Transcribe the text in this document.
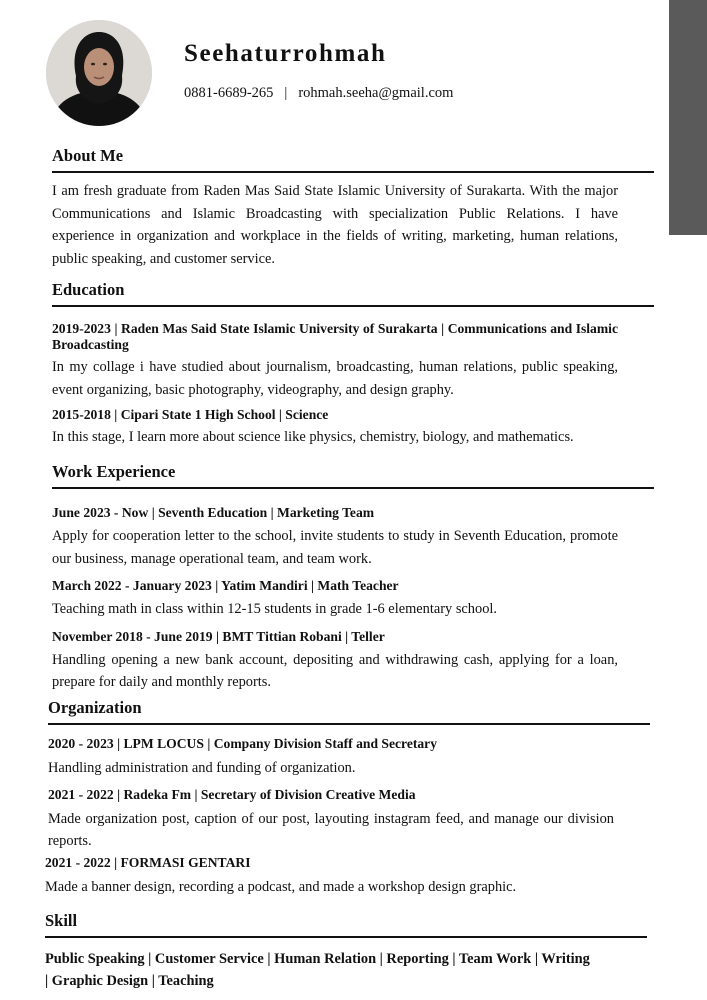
Seehaturrohmah
0881-6689-265 | rohmah.seeha@gmail.com
About Me

I am fresh graduate from Raden Mas Said State Islamic University of Surakarta. With the major Communications and Islamic Broadcasting with specialization Public Relations. I have experience in organization and workplace in the fields of writing, marketing, human relations, public speaking, and customer service.

Education

2019-2023 | Raden Mas Said State Islamic University of Surakarta | Communications and Islamic Broadcasting

In my collage i have studied about journalism, broadcasting, human relations, public speaking, event organizing, basic photography, videography, and design graphy.

2015-2018 | Cipari State 1 High School | Science

In this stage, I learn more about science like physics, chemistry, biology, and mathematics.

Work Experience

June 2023 - Now | Seventh Education | Marketing Team

Apply for cooperation letter to the school, invite students to study in Seventh Education, promote our business, manage operational team, and team work.

March 2022 - January 2023 | Yatim Mandiri | Math Teacher

Teaching math in class within 12-15 students in grade 1-6 elementary school.

November 2018 - June 2019 | BMT Tittian Robani | Teller

Handling opening a new bank account, depositing and withdrawing cash, applying for a loan, prepare for daily and monthly reports.

Organization

2020 - 2023 | LPM LOCUS | Company Division Staff and Secretary

Handling administration and funding of organization.

2021 - 2022 | Radeka Fm | Secretary of Division Creative Media

Made organization post, caption of our post, layouting instagram feed, and manage our division reports.

2021 - 2022 | FORMASI GENTARI

Made a banner design, recording a podcast, and made a workshop design graphic.

Skill

Public Speaking | Customer Service | Human Relation | Reporting | Team Work | Writing

| Graphic Design | Teaching
